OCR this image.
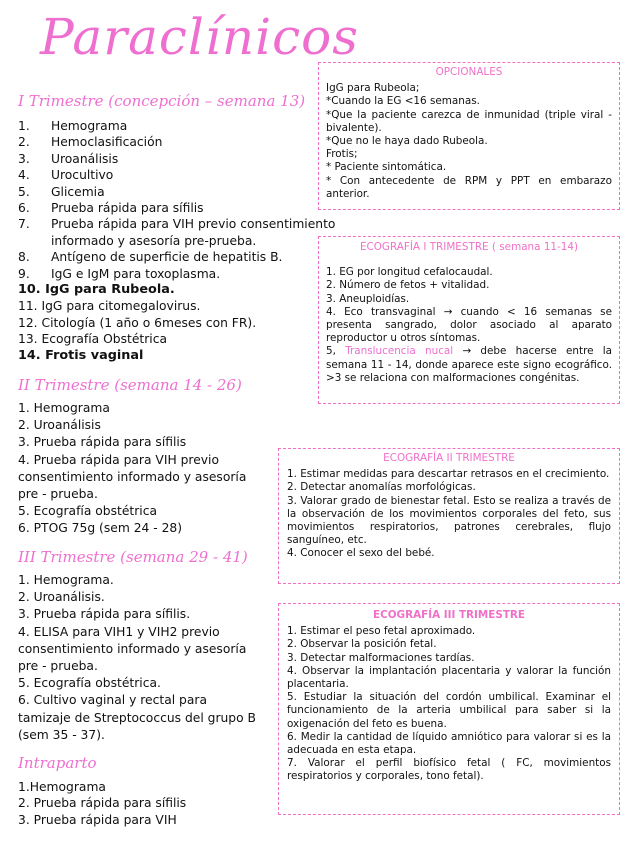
Paraclínicos
I Trimestre (concepción – semana 13)
1. Hemograma
2. Hemoclasificación
3. Uroanálisis
4. Urocultivo
5. Glicemia
6. Prueba rápida para sífilis
7. Prueba rápida para VIH previo consentimiento
informado y asesoría pre-prueba.
8. Antígeno de superficie de hepatitis B.
9. IgG e IgM para toxoplasma.
10. IgG para Rubeola.
11. IgG para citomegalovirus.
12. Citología (1 año o 6meses con FR).
13. Ecografía Obstétrica
14. Frotis vaginal
II Trimestre (semana 14 - 26)
1. Hemograma
2. Uroanálisis
3. Prueba rápida para sífilis
4. Prueba rápida para VIH previo consentimiento informado y asesoría pre - prueba.
5. Ecografía obstétrica
6. PTOG 75g (sem 24 - 28)
III Trimestre (semana 29 - 41)
1. Hemograma.
2. Uroanálisis.
3. Prueba rápida para sífilis.
4. ELISA para VIH1 y VIH2 previo consentimiento informado y asesoría pre - prueba.
5. Ecografía obstétrica.
6. Cultivo vaginal y rectal para tamizaje de Streptococcus del grupo B (sem 35 - 37).
Intraparto
1.Hemograma
2. Prueba rápida para sífilis
3. Prueba rápida para VIH
OPCIONALES

IgG para Rubeola;

*Cuando la EG <16 semanas.

*Que la paciente carezca de inmunidad (triple viral - bivalente).

*Que no le haya dado Rubeola.

Frotis;

* Paciente sintomática.

* Con antecedente de RPM y PPT en embarazo anterior.

ECOGRAFÍA I TRIMESTRE ( semana 11-14)

1. EG por longitud cefalocaudal.

2. Número de fetos + vitalidad.

3. Aneuploidías.

4. Eco transvaginal → cuando < 16 semanas se presenta sangrado, dolor asociado al aparato reproductor u otros síntomas.

5, Translucencia nucal → debe hacerse entre la semana 11 - 14, donde aparece este signo ecográfico. >3 se relaciona con malformaciones congénitas.

ECOGRAFÍA II TRIMESTRE

1. Estimar medidas para descartar retrasos en el crecimiento.

2. Detectar anomalías morfológicas.

3. Valorar grado de bienestar fetal. Esto se realiza a través de la observación de los movimientos corporales del feto, sus movimientos respiratorios, patrones cerebrales, flujo sanguíneo, etc.

4. Conocer el sexo del bebé.

ECOGRAFÍA III TRIMESTRE

1. Estimar el peso fetal aproximado.

2. Observar la posición fetal.

3. Detectar malformaciones tardías.

4. Observar la implantación placentaria y valorar la función placentaria.

5. Estudiar la situación del cordón umbilical. Examinar el funcionamiento de la arteria umbilical para saber si la oxigenación del feto es buena.

6. Medir la cantidad de líquido amniótico para valorar si es la adecuada en esta etapa.

7. Valorar el perfil biofísico fetal ( FC, movimientos respiratorios y corporales, tono fetal).
